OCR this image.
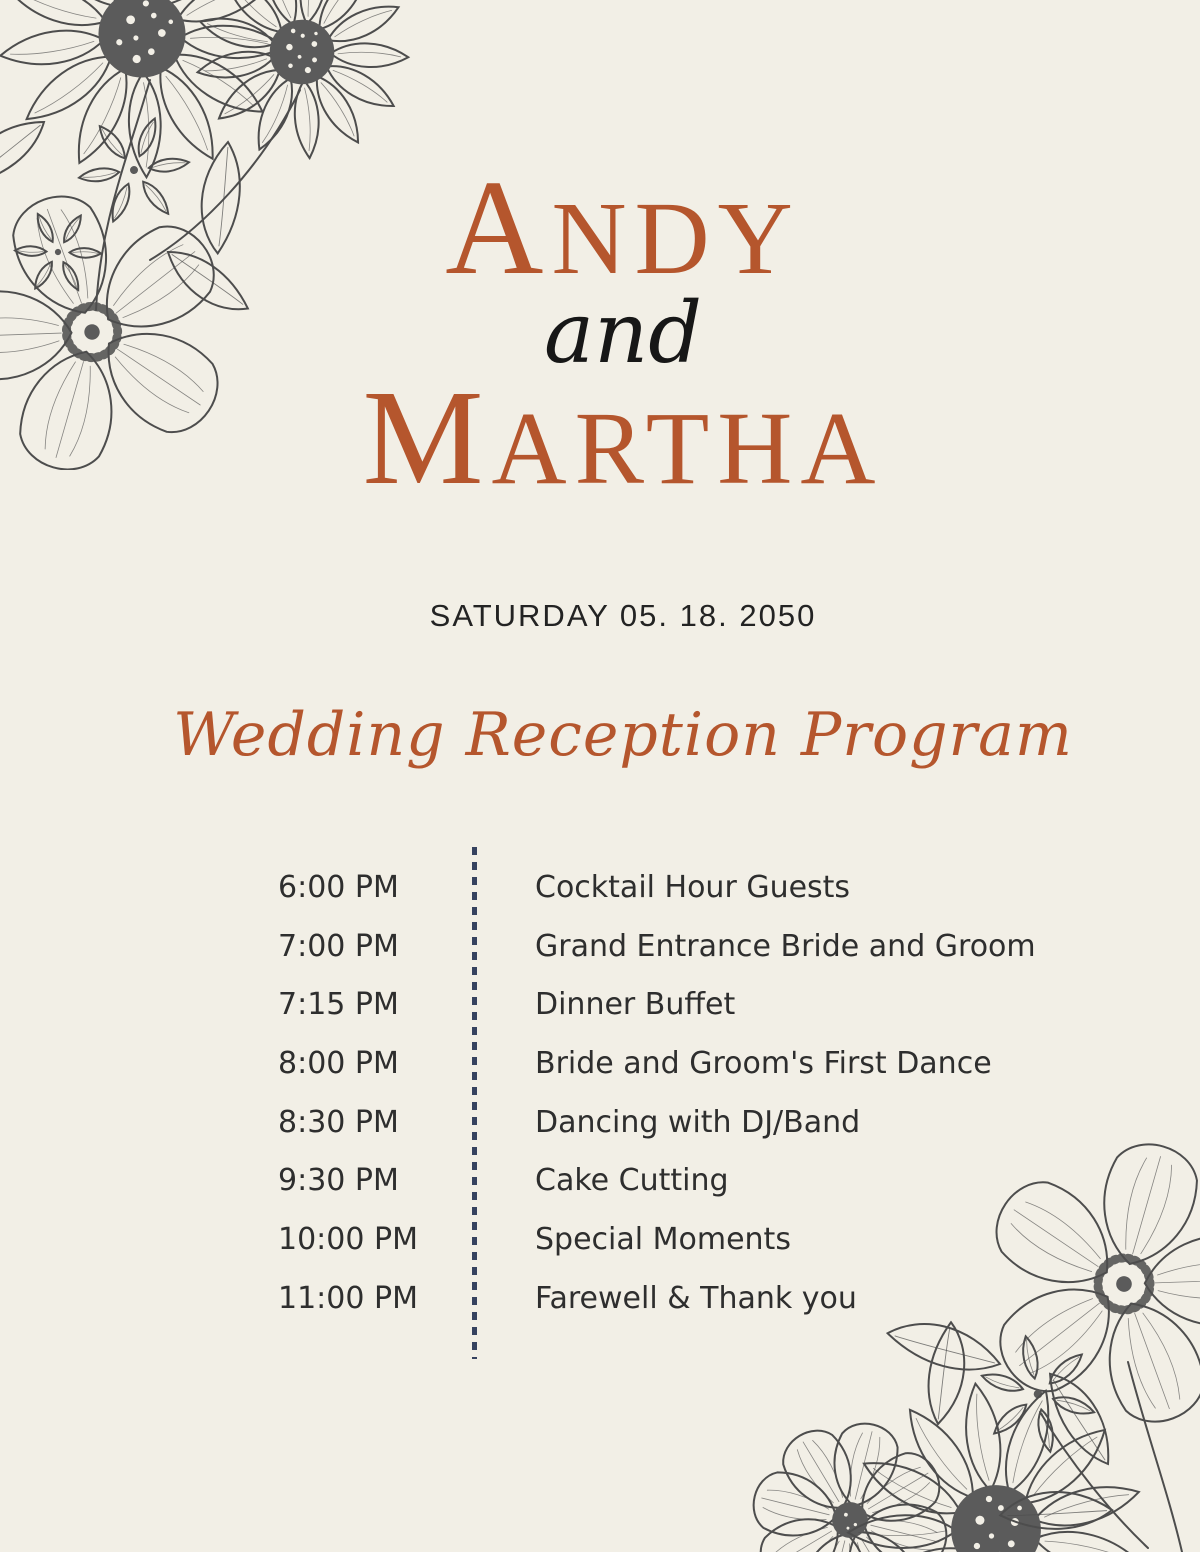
ANDY
and
MARTHA
SATURDAY 05. 18. 2050
Wedding Reception Program
6:00 PM	Cocktail Hour Guests
7:00 PM	Grand Entrance Bride and Groom
7:15 PM	Dinner Buffet
8:00 PM	Bride and Groom's First Dance
8:30 PM	Dancing with DJ/Band
9:30 PM	Cake Cutting
10:00 PM	Special Moments
11:00 PM	Farewell & Thank you
